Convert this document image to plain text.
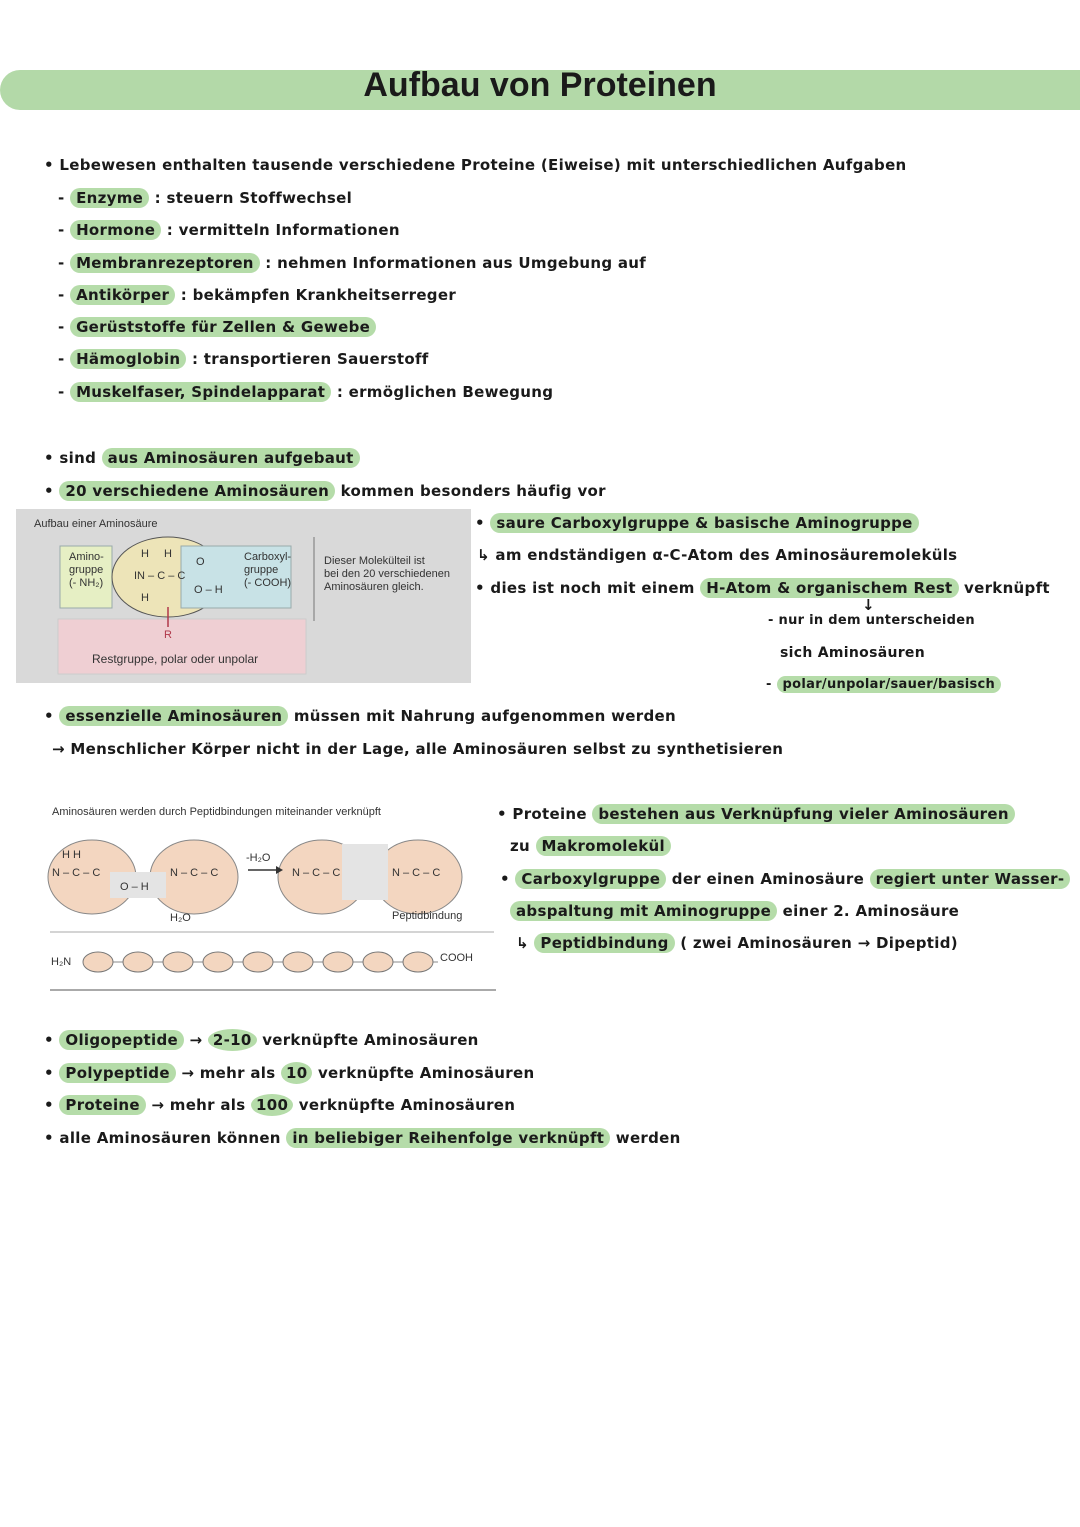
Aufbau von Proteinen
• Lebewesen enthalten tausende verschiedene Proteine (Eiweise) mit unterschiedlichen Aufgaben
- Enzyme : steuern Stoffwechsel
- Hormone : vermitteln Informationen
- Membranrezeptoren : nehmen Informationen aus Umgebung auf
- Antikörper : bekämpfen Krankheitserreger
- Gerüststoffe für Zellen & Gewebe
- Hämoglobin : transportieren Sauerstoff
- Muskelfaser, Spindelapparat : ermöglichen Bewegung
• sind aus Aminosäuren aufgebaut
• 20 verschiedene Aminosäuren kommen besonders häufig vor
H H
IN – C – C
O
O – H
H
Aufbau einer Aminosäure
Amino-
gruppe
(- NH₂)
Carboxyl-
gruppe
(- COOH)
Dieser Molekülteil ist
bei den 20 verschiedenen
Aminosäuren gleich.
R
Restgruppe, polar oder unpolar
• saure Carboxylgruppe & basische Aminogruppe
↳ am endständigen α-C-Atom des Aminosäuremoleküls
• dies ist noch mit einem H-Atom & organischem Rest verknüpft
↓
- nur in dem unterscheiden
sich Aminosäuren
- polar/unpolar/sauer/basisch
• essenzielle Aminosäuren müssen mit Nahrung aufgenommen werden
→ Menschlicher Körper nicht in der Lage, alle Aminosäuren selbst zu synthetisieren
H H
N – C – C
O – H
N – C – C	N – C – C	N – C – C
Aminosäuren werden durch Peptidbindungen miteinander verknüpft
-H₂O
H₂O	Peptidbindung
H₂N	COOH
• Proteine bestehen aus Verknüpfung vieler Aminosäuren
zu Makromolekül
• Carboxylgruppe der einen Aminosäure regiert unter Wasser-
abspaltung mit Aminogruppe einer 2. Aminosäure
↳ Peptidbindung ( zwei Aminosäuren → Dipeptid)
• Oligopeptide → 2-10 verknüpfte Aminosäuren
• Polypeptide → mehr als 10 verknüpfte Aminosäuren
• Proteine → mehr als 100 verknüpfte Aminosäuren
• alle Aminosäuren können in beliebiger Reihenfolge verknüpft werden
